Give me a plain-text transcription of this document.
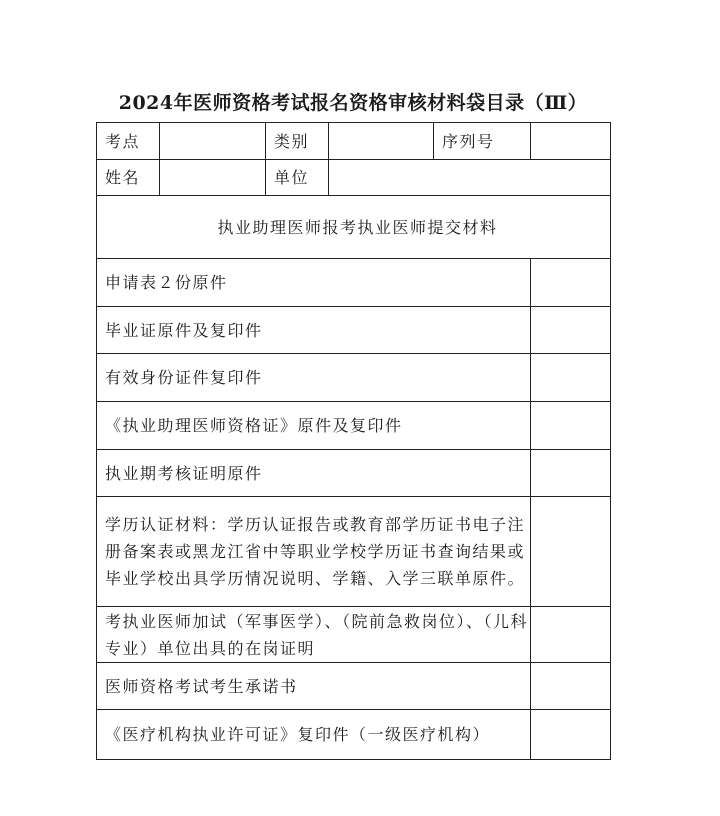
2024年医师资格考试报名资格审核材料袋目录（Ⅲ）
考点		类别		序列号	
姓名		单位			
执业助理医师报考执业医师提交材料					
申请表２份原件					
毕业证原件及复印件					
有效身份证件复印件					
《执业助理医师资格证》原件及复印件					
执业期考核证明原件					
学历认证材料：学历认证报告或教育部学历证书电子注册备案表或黑龙江省中等职业学校学历证书查询结果或毕业学校出具学历情况说明、学籍、入学三联单原件。					
考执业医师加试（军事医学）、（院前急救岗位）、（儿科专业）单位出具的在岗证明					
医师资格考试考生承诺书					
《医疗机构执业许可证》复印件（一级医疗机构）					
